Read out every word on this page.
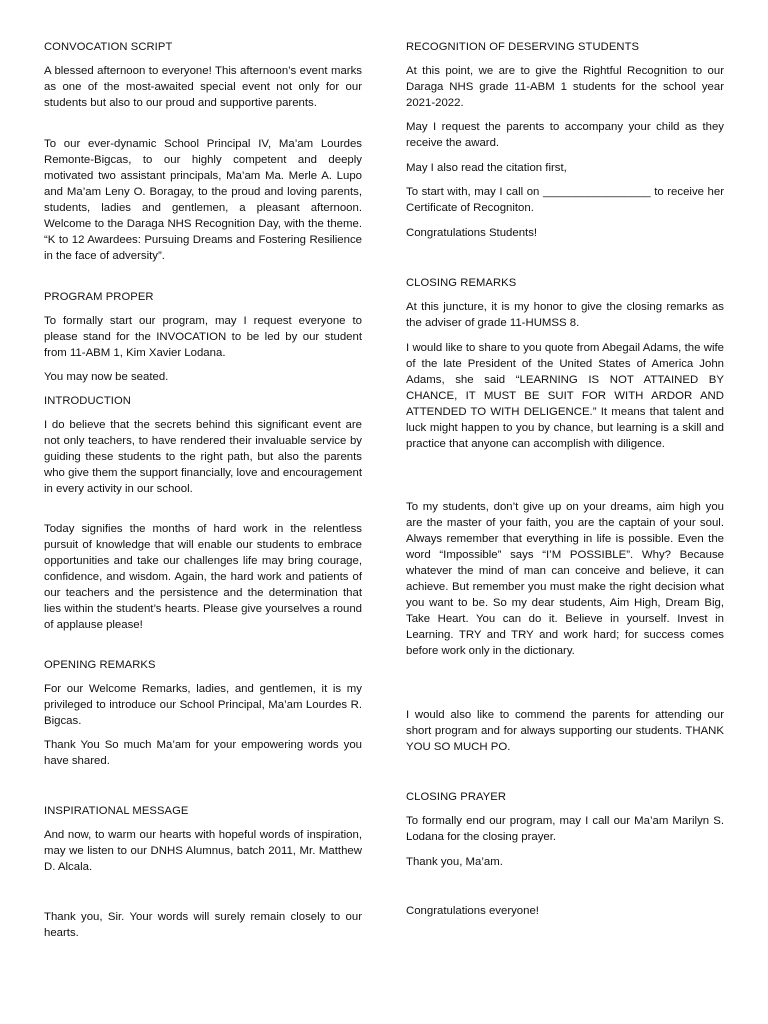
CONVOCATION SCRIPT

A blessed afternoon to everyone! This afternoon’s event marks as one of the most-awaited special event not only for our students but also to our proud and supportive parents.

To our ever-dynamic School Principal IV, Ma’am Lourdes Remonte-Bigcas, to our highly competent and deeply motivated two assistant principals, Ma’am Ma. Merle A. Lupo and Ma’am Leny O. Boragay, to the proud and loving parents, students, ladies and gentlemen, a pleasant afternoon. Welcome to the Daraga NHS Recognition Day, with the theme. “K to 12 Awardees: Pursuing Dreams and Fostering Resilience in the face of adversity”.

PROGRAM PROPER

To formally start our program, may I request everyone to please stand for the INVOCATION to be led by our student from 11-ABM 1, Kim Xavier Lodana.

You may now be seated.

INTRODUCTION

I do believe that the secrets behind this significant event are not only teachers, to have rendered their invaluable service by guiding these students to the right path, but also the parents who give them the support financially, love and encouragement in every activity in our school.

Today signifies the months of hard work in the relentless pursuit of knowledge that will enable our students to embrace opportunities and take our challenges life may bring courage, confidence, and wisdom. Again, the hard work and patients of our teachers and the persistence and the determination that lies within the student’s hearts. Please give yourselves a round of applause please!

OPENING REMARKS

For our Welcome Remarks, ladies, and gentlemen, it is my privileged to introduce our School Principal, Ma’am Lourdes R. Bigcas.

Thank You So much Ma’am for your empowering words you have shared.

INSPIRATIONAL MESSAGE

And now, to warm our hearts with hopeful words of inspiration, may we listen to our DNHS Alumnus, batch 2011, Mr. Matthew D. Alcala.

Thank you, Sir. Your words will surely remain closely to our hearts.

RECOGNITION OF DESERVING STUDENTS

At this point, we are to give the Rightful Recognition to our Daraga NHS grade 11-ABM 1 students for the school year 2021-2022.

May I request the parents to accompany your child as they receive the award.

May I also read the citation first,

To start with, may I call on _________________ to receive her Certificate of Recogniton.

Congratulations Students!

CLOSING REMARKS

At this juncture, it is my honor to give the closing remarks as the adviser of grade 11-HUMSS 8.

I would like to share to you quote from Abegail Adams, the wife of the late President of the United States of America John Adams, she said “LEARNING IS NOT ATTAINED BY CHANCE, IT MUST BE SUIT FOR WITH ARDOR AND ATTENDED TO WITH DELIGENCE.” It means that talent and luck might happen to you by chance, but learning is a skill and practice that anyone can accomplish with diligence.

To my students, don’t give up on your dreams, aim high you are the master of your faith, you are the captain of your soul. Always remember that everything in life is possible. Even the word “Impossible” says “I’M POSSIBLE”. Why? Because whatever the mind of man can conceive and believe, it can achieve. But remember you must make the right decision what you want to be. So my dear students, Aim High, Dream Big, Take Heart. You can do it. Believe in yourself. Invest in Learning. TRY and TRY and work hard; for success comes before work only in the dictionary.

I would also like to commend the parents for attending our short program and for always supporting our students. THANK YOU SO MUCH PO.

CLOSING PRAYER

To formally end our program, may I call our Ma’am Marilyn S. Lodana for the closing prayer.

Thank you, Ma’am.

Congratulations everyone!
